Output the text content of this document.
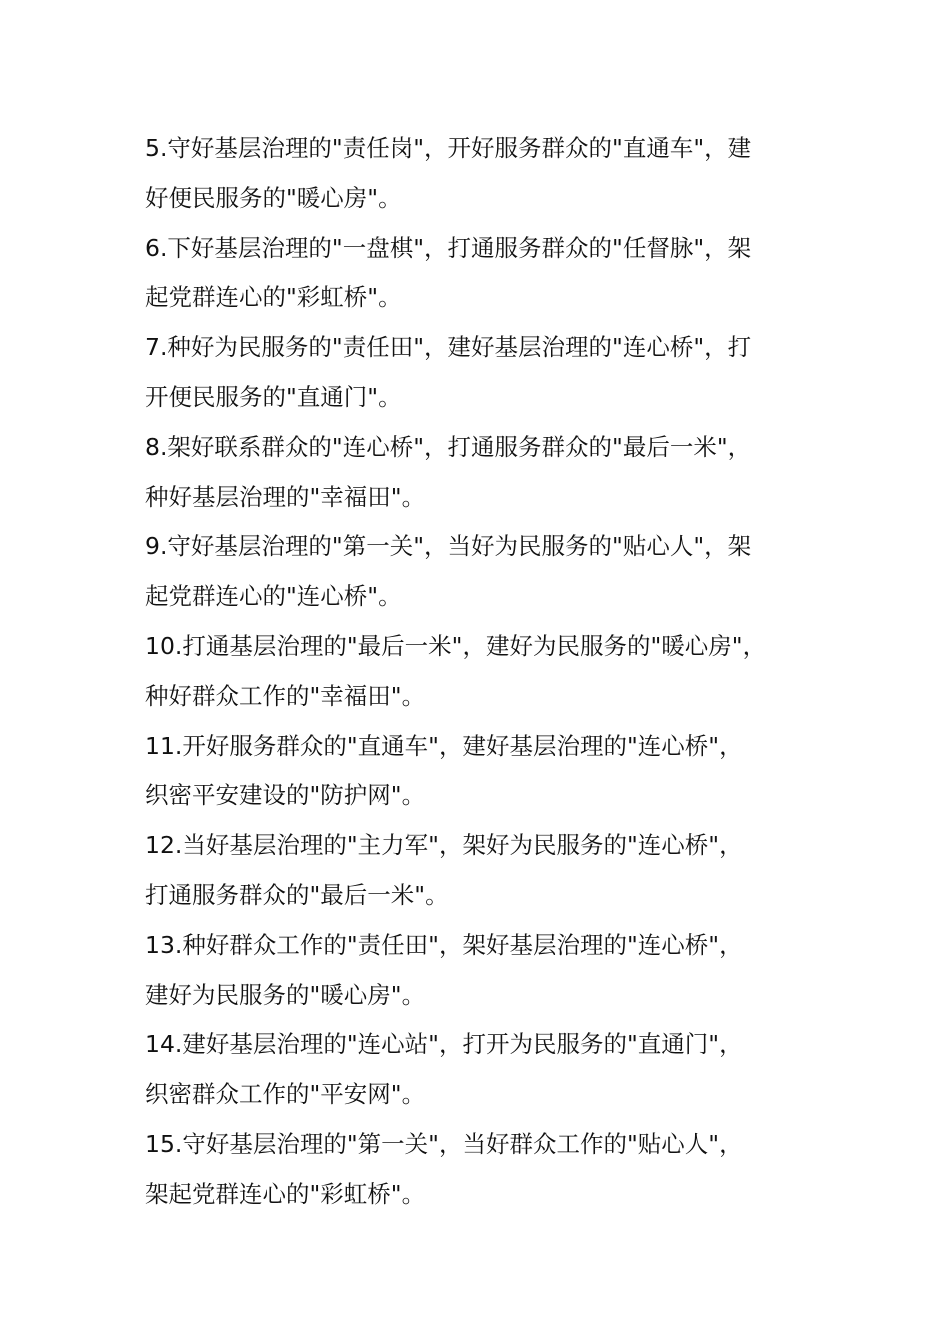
5.守好基层治理的"责任岗"，开好服务群众的"直通车"，建
好便民服务的"暖心房"。

6.下好基层治理的"一盘棋"，打通服务群众的"任督脉"，架
起党群连心的"彩虹桥"。

7.种好为民服务的"责任田"，建好基层治理的"连心桥"，打
开便民服务的"直通门"。

8.架好联系群众的"连心桥"，打通服务群众的"最后一米"，
种好基层治理的"幸福田"。

9.守好基层治理的"第一关"，当好为民服务的"贴心人"，架
起党群连心的"连心桥"。

10.打通基层治理的"最后一米"，建好为民服务的"暖心房"，
种好群众工作的"幸福田"。

11.开好服务群众的"直通车"，建好基层治理的"连心桥"，
织密平安建设的"防护网"。

12.当好基层治理的"主力军"，架好为民服务的"连心桥"，
打通服务群众的"最后一米"。

13.种好群众工作的"责任田"，架好基层治理的"连心桥"，
建好为民服务的"暖心房"。

14.建好基层治理的"连心站"，打开为民服务的"直通门"，
织密群众工作的"平安网"。

15.守好基层治理的"第一关"，当好群众工作的"贴心人"，
架起党群连心的"彩虹桥"。
